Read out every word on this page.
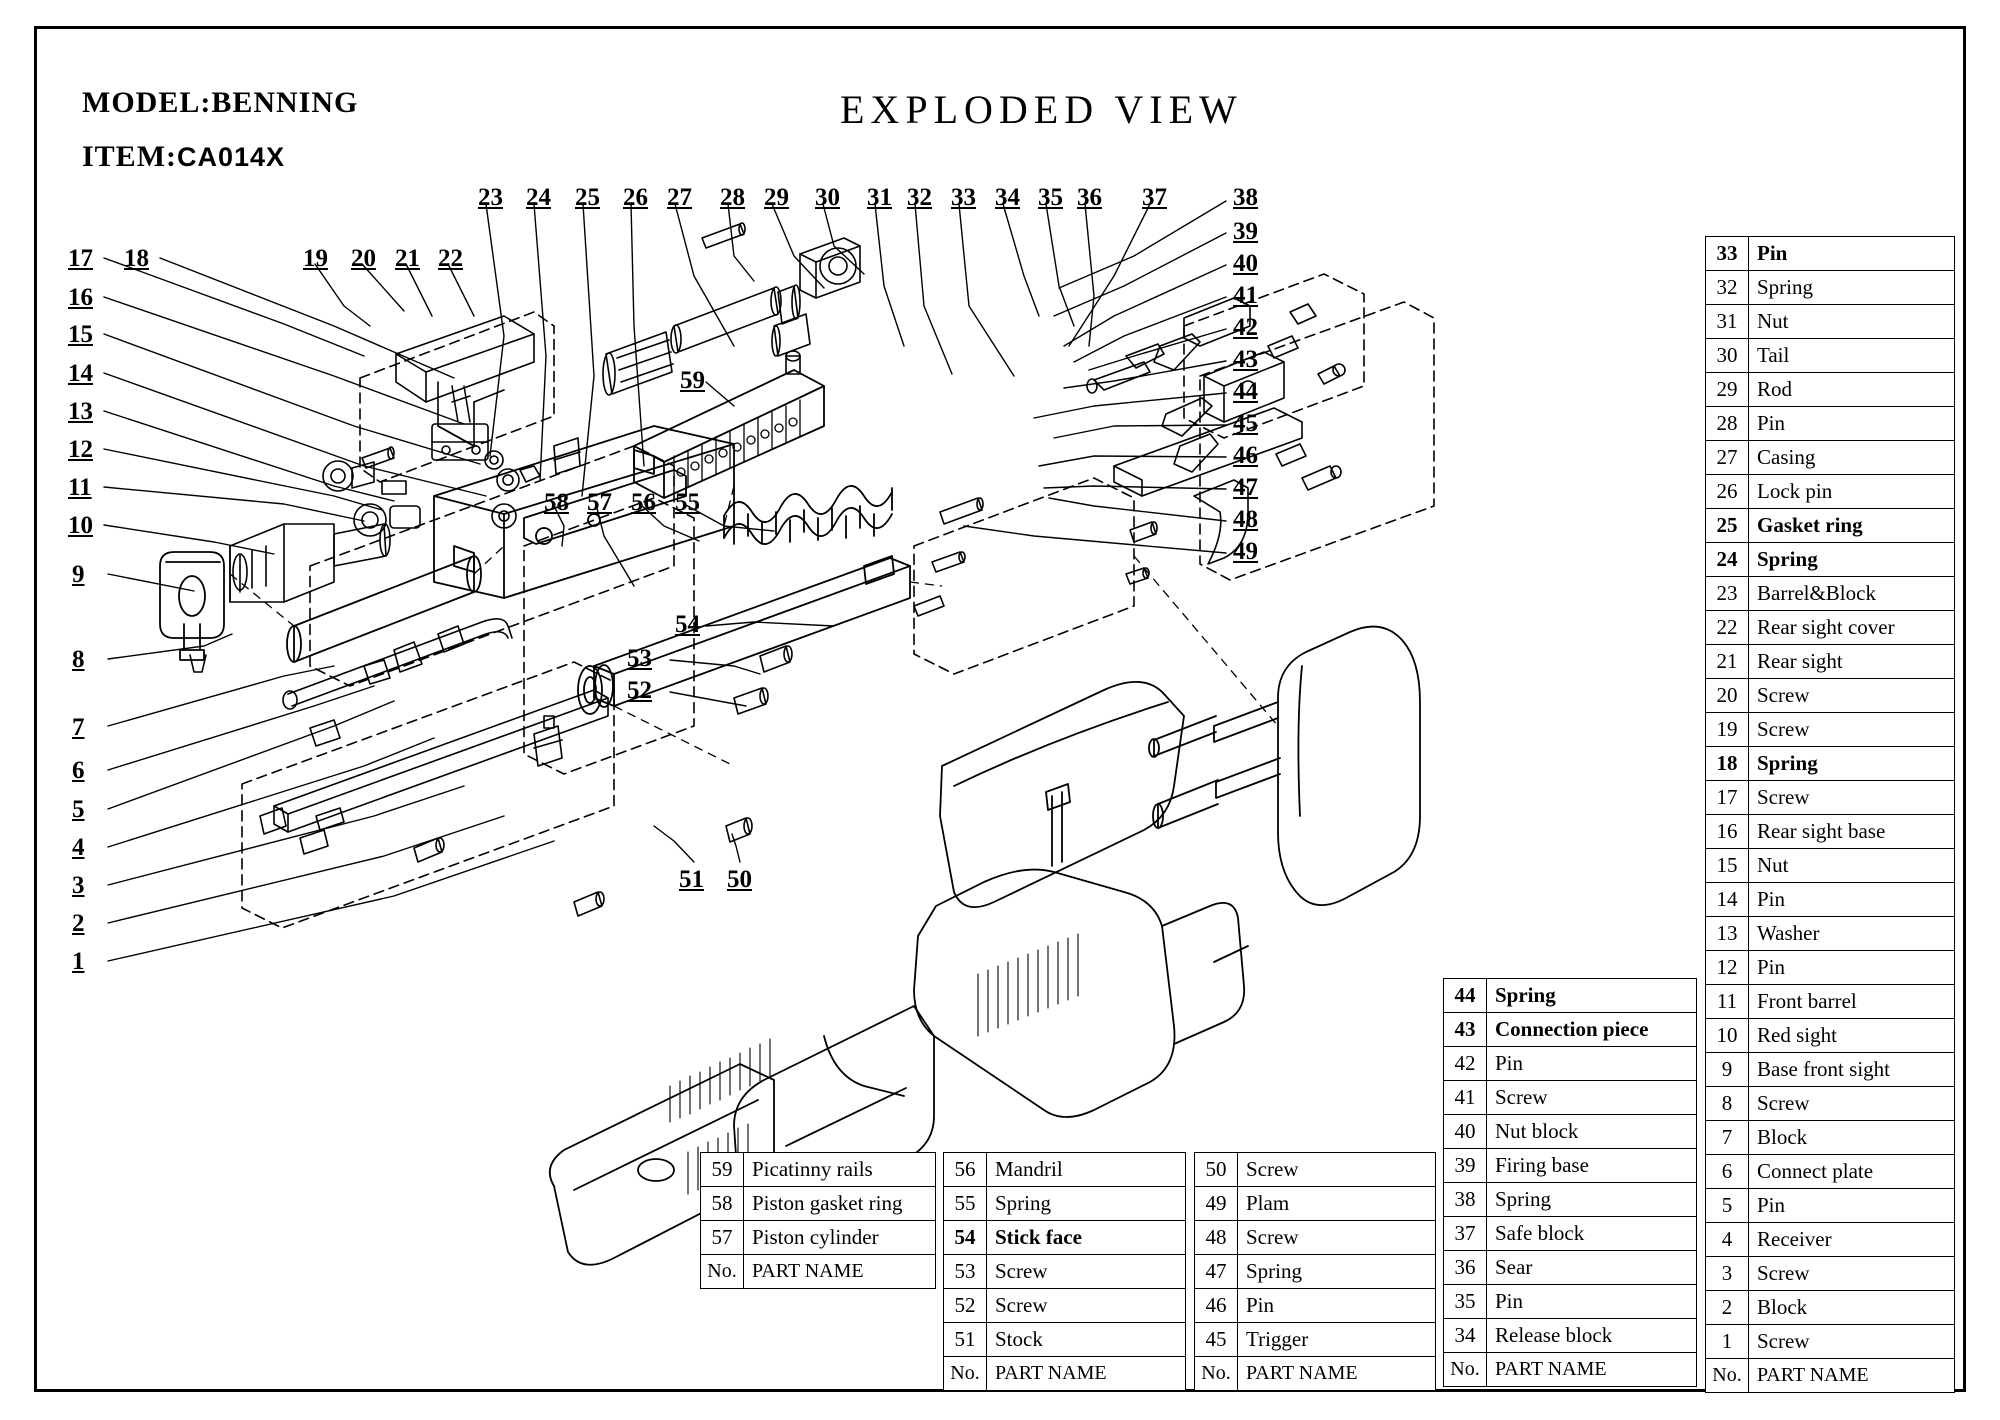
MODEL:BENNING
ITEM:CA014X
EXPLODED VIEW
17 18
16
15
14
13
12
11
10
9
8
7
6
5
4
3
2
1
19 20 21 22
23 24 25 26 27 28 29 30 31 32 33 34 35 36 37	38
39
40
41
42
43
44
45
46
47
48
49
59
58 57 56 55
54
53
52
51 50
33	Pin
32	Spring
31	Nut
30	Tail
29	Rod
28	Pin
27	Casing
26	Lock pin
25	Gasket ring
24	Spring
23	Barrel&Block
22	Rear sight cover
21	Rear sight
20	Screw
19	Screw
18	Spring
17	Screw
16	Rear sight base
15	Nut
14	Pin
13	Washer
12	Pin
11	Front barrel
10	Red sight
9	Base front sight
8	Screw
7	Block
6	Connect plate
5	Pin
4	Receiver
3	Screw
2	Block
1	Screw
No.	PART NAME
44	Spring
43	Connection piece
42	Pin
41	Screw
40	Nut block
39	Firing base
38	Spring
37	Safe block
36	Sear
35	Pin
34	Release block
No.	PART NAME
50	Screw
49	Plam
48	Screw
47	Spring
46	Pin
45	Trigger
No.	PART NAME
56	Mandril
55	Spring
54	Stick face
53	Screw
52	Screw
51	Stock
No.	PART NAME
59	Picatinny rails
58	Piston gasket ring
57	Piston cylinder
No.	PART NAME
